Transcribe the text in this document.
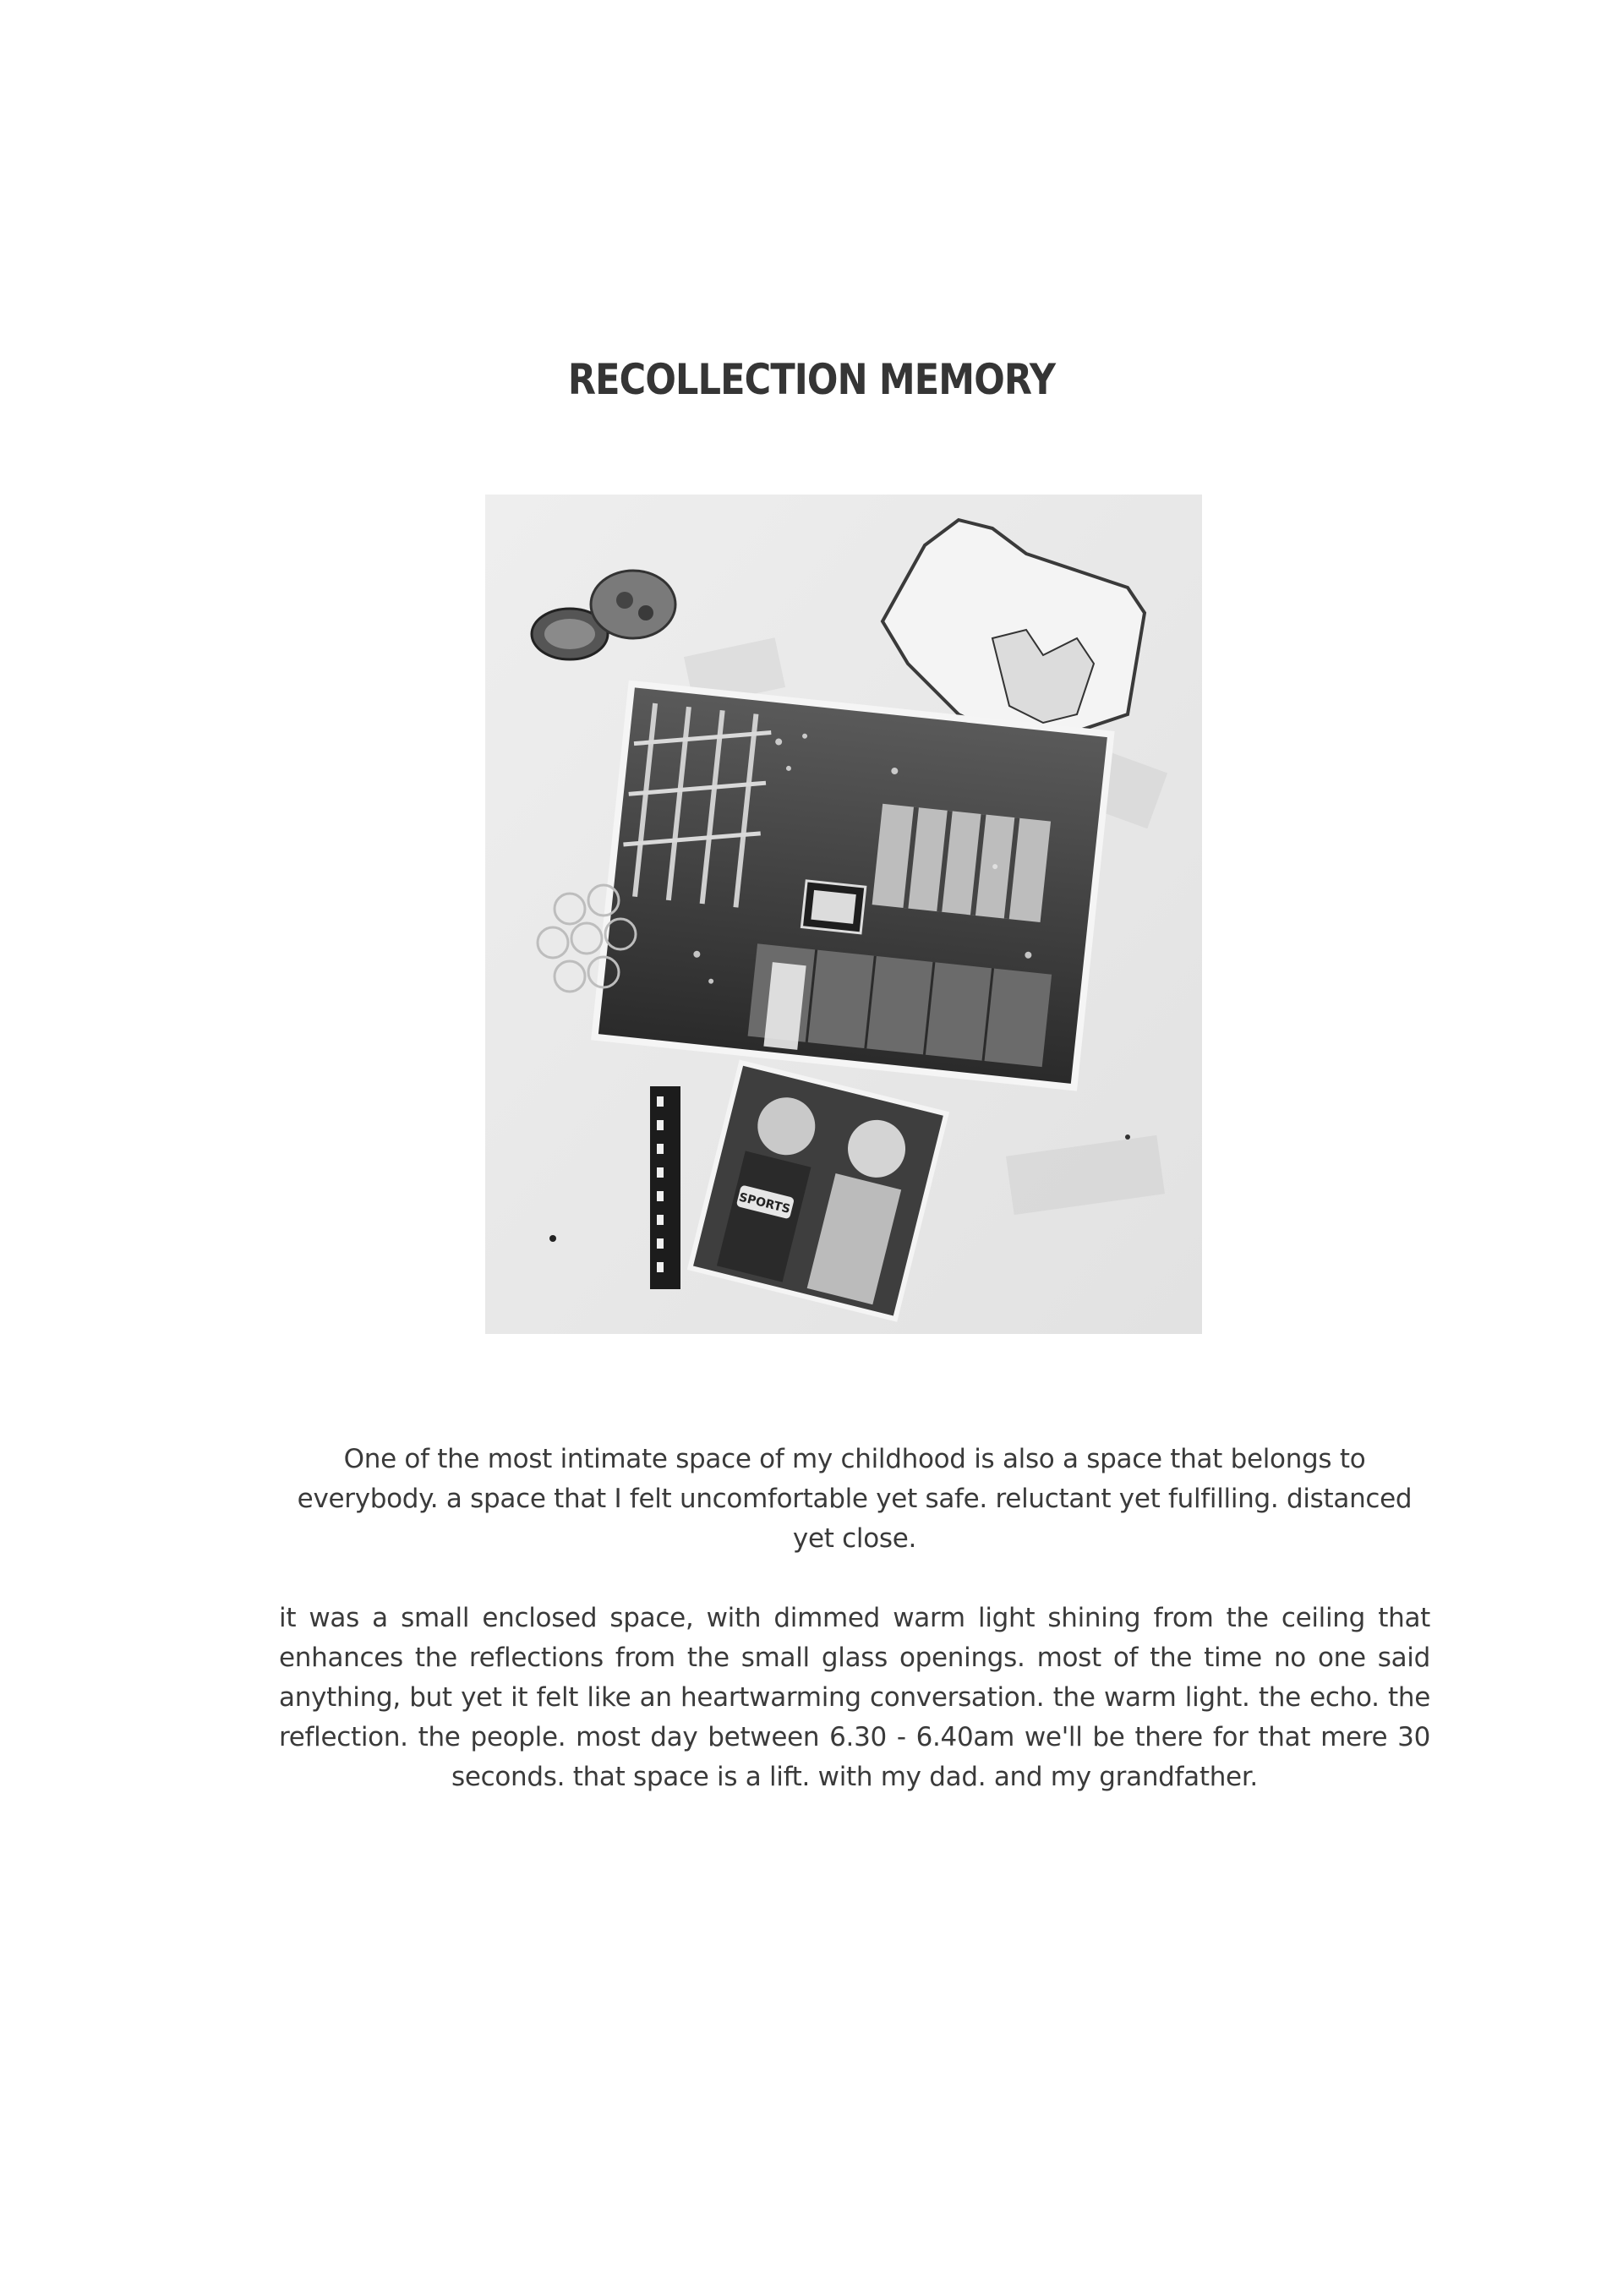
RECOLLECTION MEMORY
SPORTS

One of the most intimate space of my childhood is also a space that belongs to everybody. a space that I felt uncomfortable yet safe. reluctant yet fulfilling. distanced yet close.

it was a small enclosed space, with dimmed warm light shining from the ceiling that enhances the reflections from the small glass openings. most of the time no one said anything, but yet it felt like an heartwarming conversation. the warm light. the echo. the reflection. the people. most day between 6.30 - 6.40am we'll be there for that mere 30 seconds. that space is a lift. with my dad. and my grandfather.
